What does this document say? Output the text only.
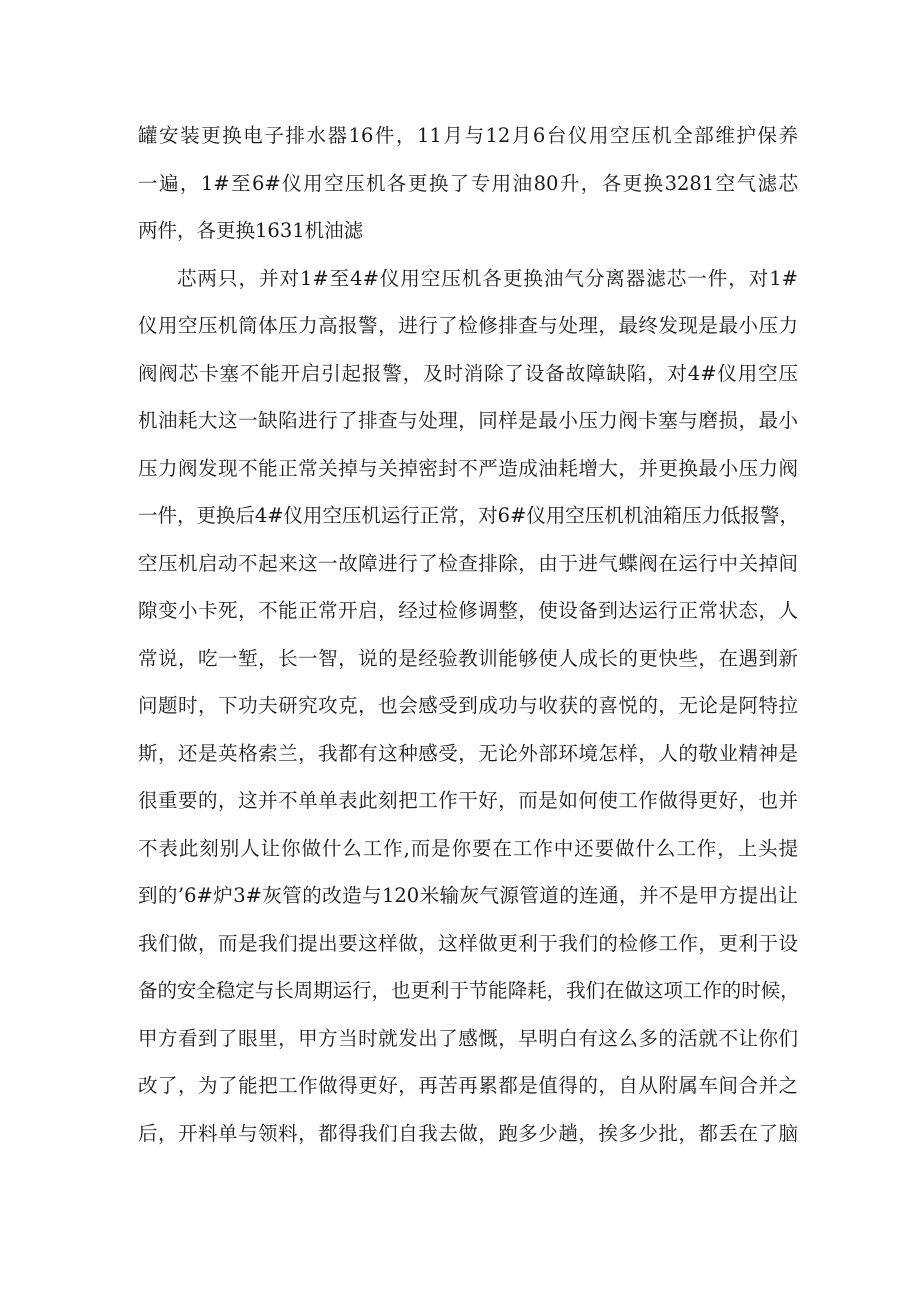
罐安装更换电子排水器16件，11月与12月6台仪用空压机全部维护保养
一遍，1#至6#仪用空压机各更换了专用油80升，各更换3281空气滤芯
两件，各更换1631机油滤
芯两只，并对1#至4#仪用空压机各更换油气分离器滤芯一件，对1#
仪用空压机筒体压力高报警，进行了检修排查与处理，最终发现是最小压力
阀阀芯卡塞不能开启引起报警，及时消除了设备故障缺陷，对4#仪用空压
机油耗大这一缺陷进行了排查与处理，同样是最小压力阀卡塞与磨损，最小
压力阀发现不能正常关掉与关掉密封不严造成油耗增大，并更换最小压力阀
一件，更换后4#仪用空压机运行正常，对6#仪用空压机机油箱压力低报警，
空压机启动不起来这一故障进行了检查排除，由于进气蝶阀在运行中关掉间
隙变小卡死，不能正常开启，经过检修调整，使设备到达运行正常状态，人
常说，吃一堑，长一智，说的是经验教训能够使人成长的更快些，在遇到新
问题时，下功夫研究攻克，也会感受到成功与收获的喜悦的，无论是阿特拉
斯，还是英格索兰，我都有这种感受，无论外部环境怎样，人的敬业精神是
很重要的，这并不单单表此刻把工作干好，而是如何使工作做得更好，也并
不表此刻别人让你做什么工作,而是你要在工作中还要做什么工作，上头提
到的’6#炉3#灰管的改造与120米输灰气源管道的连通，并不是甲方提出让
我们做，而是我们提出要这样做，这样做更利于我们的检修工作，更利于设
备的安全稳定与长周期运行，也更利于节能降耗，我们在做这项工作的时候，
甲方看到了眼里，甲方当时就发出了感慨，早明白有这么多的活就不让你们
改了，为了能把工作做得更好，再苦再累都是值得的，自从附属车间合并之
后，开料单与领料，都得我们自我去做，跑多少趟，挨多少批，都丢在了脑
